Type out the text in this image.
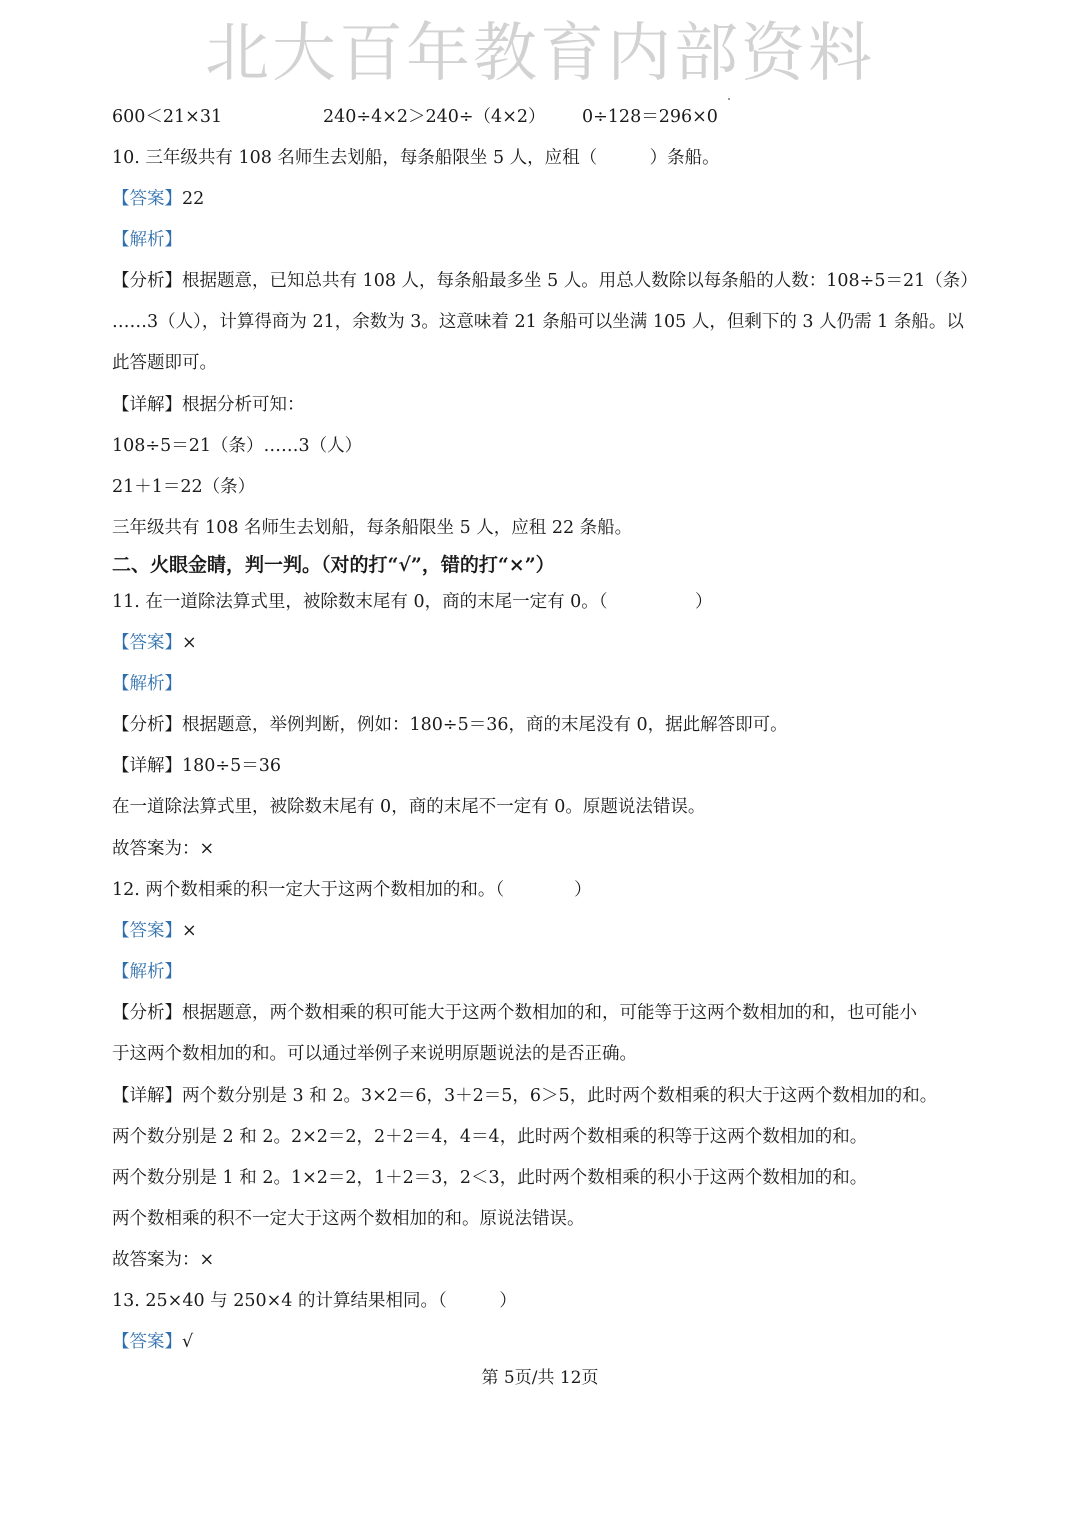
北大百年教育内部资料
600＜21×31	240÷4×2＞240÷（4×2） 0÷128＝296×0
10. 三年级共有 108 名师生去划船，每条船限坐 5 人，应租（　　　）条船。
【答案】22
【解析】
【分析】根据题意，已知总共有 108 人，每条船最多坐 5 人。用总人数除以每条船的人数：108÷5＝21（条）
……3（人），计算得商为 21，余数为 3。这意味着 21 条船可以坐满 105 人，但剩下的 3 人仍需 1 条船。以
此答题即可。
【详解】根据分析可知：
108÷5＝21（条）……3（人）
21＋1＝22（条）
三年级共有 108 名师生去划船，每条船限坐 5 人，应租 22 条船。
二、火眼金睛，判一判。（对的打“√”，错的打“×”）
11. 在一道除法算式里，被除数末尾有 0，商的末尾一定有 0。（　　　　　）
【答案】×
【解析】
【分析】根据题意，举例判断，例如：180÷5＝36，商的末尾没有 0，据此解答即可。
【详解】180÷5＝36
在一道除法算式里，被除数末尾有 0，商的末尾不一定有 0。原题说法错误。
故答案为：×
12. 两个数相乘的积一定大于这两个数相加的和。（　　　　）
【答案】×
【解析】
【分析】根据题意，两个数相乘的积可能大于这两个数相加的和，可能等于这两个数相加的和，也可能小
于这两个数相加的和。可以通过举例子来说明原题说法的是否正确。
【详解】两个数分别是 3 和 2。3×2＝6，3＋2＝5，6＞5，此时两个数相乘的积大于这两个数相加的和。
两个数分别是 2 和 2。2×2＝2，2＋2＝4，4＝4，此时两个数相乘的积等于这两个数相加的和。
两个数分别是 1 和 2。1×2＝2，1＋2＝3，2＜3，此时两个数相乘的积小于这两个数相加的和。
两个数相乘的积不一定大于这两个数相加的和。原说法错误。
故答案为：×
13. 25×40 与 250×4 的计算结果相同。（　　　）
【答案】√
第 5页/共 12页
